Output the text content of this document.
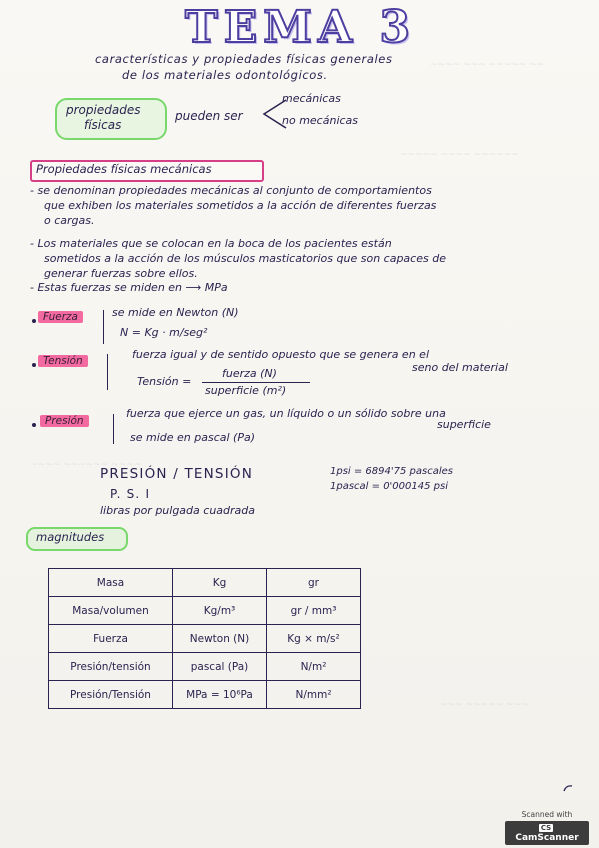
~~~~ ~~~ ~~~~~ ~~
~~~~~ ~~~~ ~~~~~~
~~~~ ~~~~~~ ~~~~
~~~ ~~~~~ ~~~
TEMA 3
características y propiedades físicas generales
de los materiales odontológicos.
propiedades
físicas
pueden ser
mecánicas
no mecánicas
Propiedades físicas mecánicas
- se denominan propiedades mecánicas al conjunto de comportamientos
que exhiben los materiales sometidos a la acción de diferentes fuerzas
o cargas.
- Los materiales que se colocan en la boca de los pacientes están
sometidos a la acción de los músculos masticatorios que son capaces de
generar fuerzas sobre ellos.
- Estas fuerzas se miden en ⟶ MPa
Fuerza	se mide en Newton (N)
N = Kg · m/seg²
Tensión	fuerza igual y de sentido opuesto que se genera en el
seno del material
Tensión =
fuerza (N)
superficie (m²)
Presión
fuerza que ejerce un gas, un líquido o un sólido sobre una
superficie
se mide en pascal (Pa)
PRESIÓN / TENSIÓN
P. S. I
libras por pulgada cuadrada
1psi = 6894'75 pascales
1pascal = 0'000145 psi
magnitudes
Masa	Kg	gr
Masa/volumen	Kg/m³	gr / mm³
Fuerza	Newton (N)	Kg × m/s²
Presión/tensión	pascal (Pa)	N/m²
Presión/Tensión	MPa = 10⁶Pa	N/mm²
Scanned with
CSCamScanner
